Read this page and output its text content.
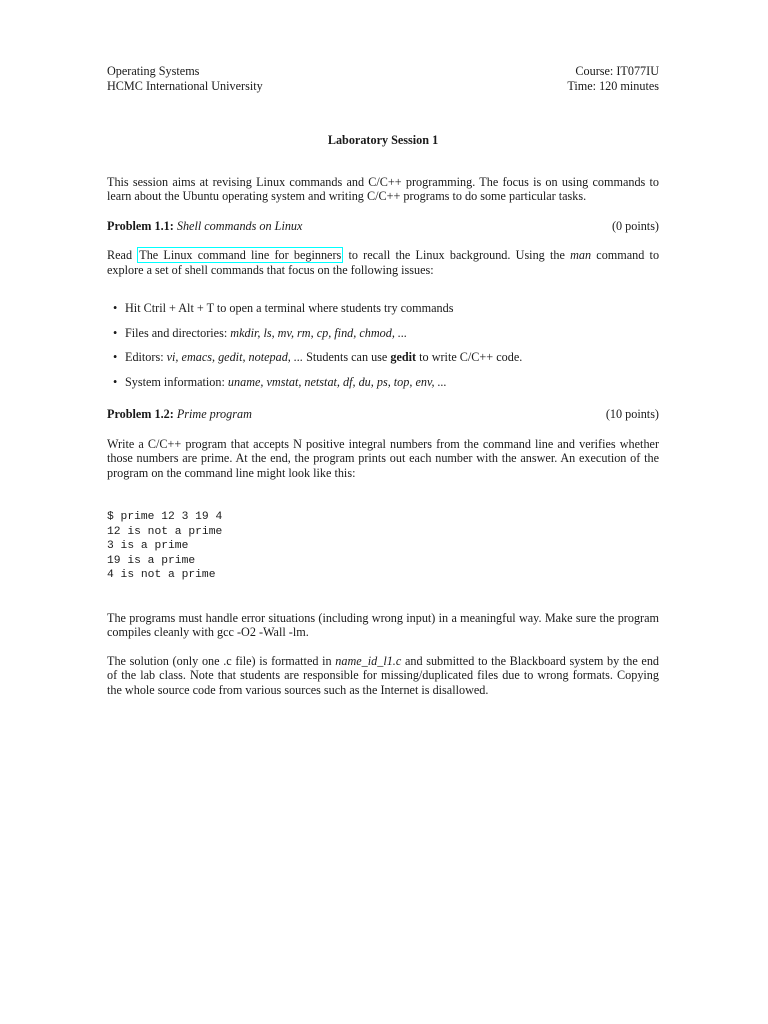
Operating Systems
HCMC International University
Course: IT077IU
Time: 120 minutes
Laboratory Session 1

This session aims at revising Linux commands and C/C++ programming. The focus is on using commands to learn about the Ubuntu operating system and writing C/C++ programs to do some particular tasks.

Problem 1.1: Shell commands on Linux	(0 points)

Read The Linux command line for beginners to recall the Linux background. Using the man command to explore a set of shell commands that focus on the following issues:

• Hit Ctril + Alt + T to open a terminal where students try commands
• Files and directories: mkdir, ls, mv, rm, cp, find, chmod, ...
• Editors: vi, emacs, gedit, notepad, ... Students can use gedit to write C/C++ code.
• System information: uname, vmstat, netstat, df, du, ps, top, env, ...
Problem 1.2: Prime program	(10 points)

Write a C/C++ program that accepts N positive integral numbers from the command line and verifies whether those numbers are prime. At the end, the program prints out each number with the answer. An execution of the program on the command line might look like this:

$ prime 12 3 19 4
12 is not a prime
3 is a prime
19 is a prime
4 is not a prime

The programs must handle error situations (including wrong input) in a meaningful way. Make sure the program compiles cleanly with gcc -O2 -Wall -lm.

The solution (only one .c file) is formatted in name_id_l1.c and submitted to the Blackboard system by the end of the lab class. Note that students are responsible for missing/duplicated files due to wrong formats. Copying the whole source code from various sources such as the Internet is disallowed.
